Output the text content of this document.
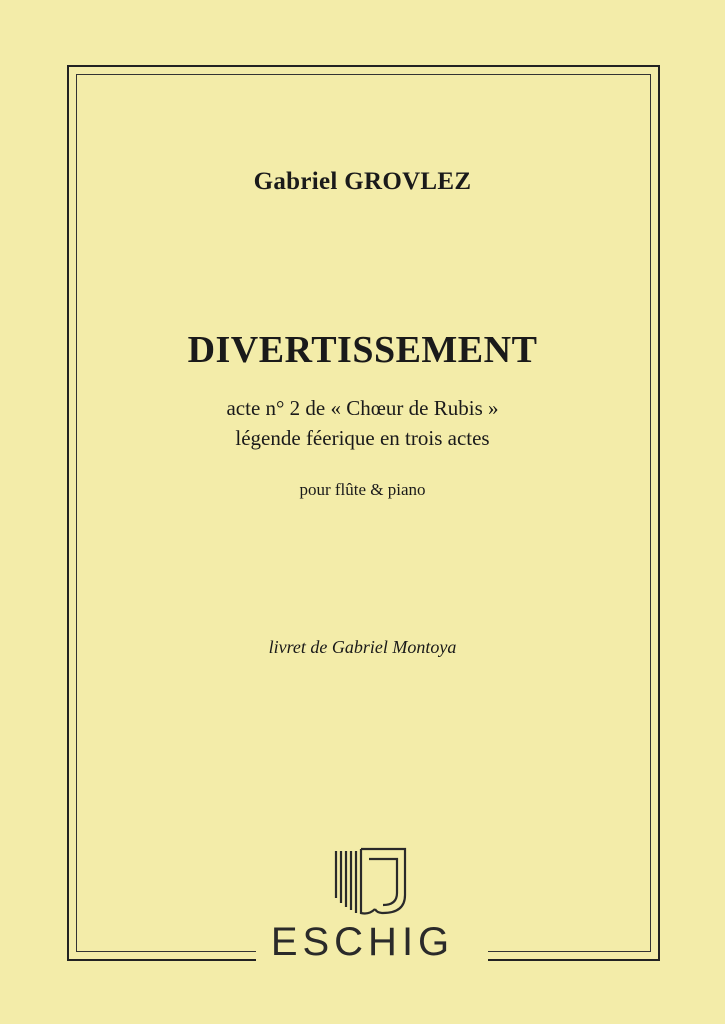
Gabriel GROVLEZ
DIVERTISSEMENT
acte n° 2 de « Chœur de Rubis »
légende féerique en trois actes
pour flûte & piano
livret de Gabriel Montoya
ESCHIG
